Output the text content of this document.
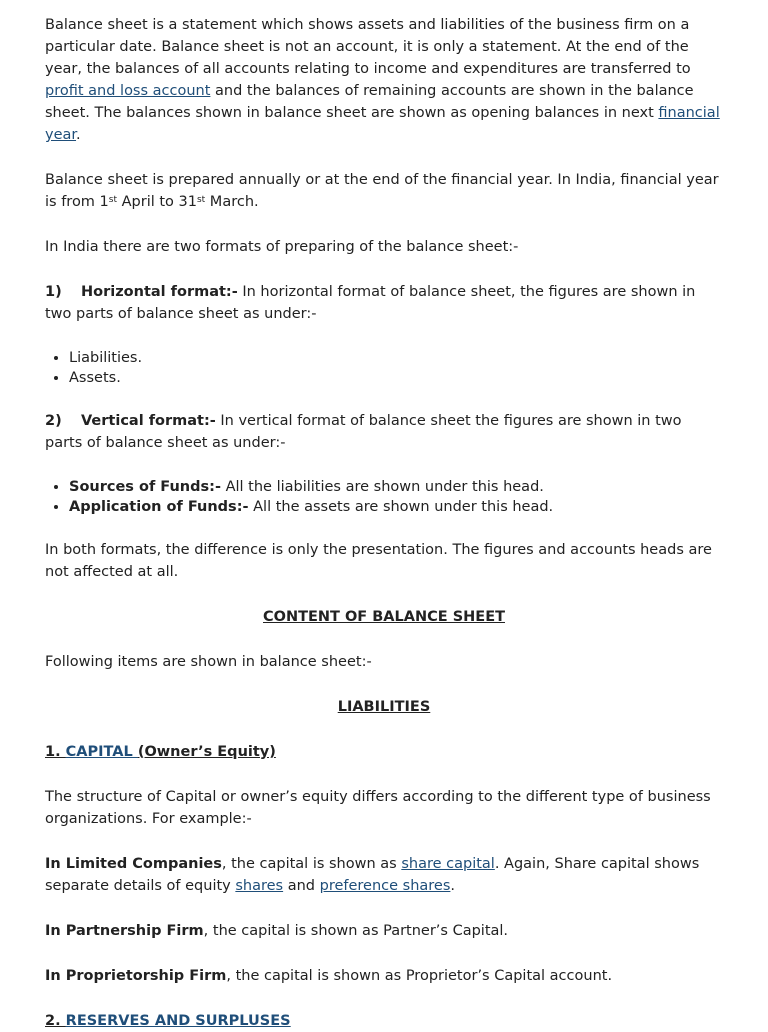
Balance sheet is a statement which shows assets and liabilities of the business firm on a particular date. Balance sheet is not an account, it is only a statement. At the end of the year, the balances of all accounts relating to income and expenditures are transferred to profit and loss account and the balances of remaining accounts are shown in the balance sheet. The balances shown in balance sheet are shown as opening balances in next financial year.

Balance sheet is prepared annually or at the end of the financial year. In India, financial year is from 1st April to 31st March.

In India there are two formats of preparing of the balance sheet:-

1) Horizontal format:- In horizontal format of balance sheet, the figures are shown in two parts of balance sheet as under:-

• Liabilities.
• Assets.

2) Vertical format:- In vertical format of balance sheet the figures are shown in two parts of balance sheet as under:-

• Sources of Funds:- All the liabilities are shown under this head.
• Application of Funds:- All the assets are shown under this head.

In both formats, the difference is only the presentation. The figures and accounts heads are not affected at all.

CONTENT OF BALANCE SHEET

Following items are shown in balance sheet:-

LIABILITIES

1. CAPITAL (Owner’s Equity)

The structure of Capital or owner’s equity differs according to the different type of business organizations. For example:-

In Limited Companies, the capital is shown as share capital. Again, Share capital shows separate details of equity shares and preference shares.

In Partnership Firm, the capital is shown as Partner’s Capital.

In Proprietorship Firm, the capital is shown as Proprietor’s Capital account.

2. RESERVES AND SURPLUSES
